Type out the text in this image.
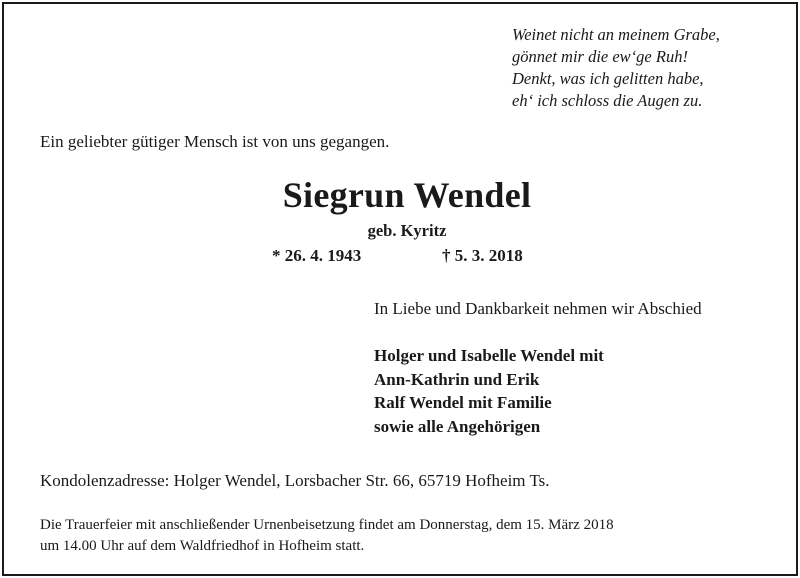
Weinet nicht an meinem Grabe,
gönnet mir die ew‘ge Ruh!
Denkt, was ich gelitten habe,
eh‘ ich schloss die Augen zu.
Ein geliebter gütiger Mensch ist von uns gegangen.
Siegrun Wendel
geb. Kyritz
* 26. 4. 1943	† 5. 3. 2018
In Liebe und Dankbarkeit nehmen wir Abschied
Holger und Isabelle Wendel mit
Ann-Kathrin und Erik
Ralf Wendel mit Familie
sowie alle Angehörigen
Kondolenzadresse: Holger Wendel, Lorsbacher Str. 66, 65719 Hofheim Ts.
Die Trauerfeier mit anschließender Urnenbeisetzung findet am Donnerstag, dem 15. März 2018
um 14.00 Uhr auf dem Waldfriedhof in Hofheim statt.
